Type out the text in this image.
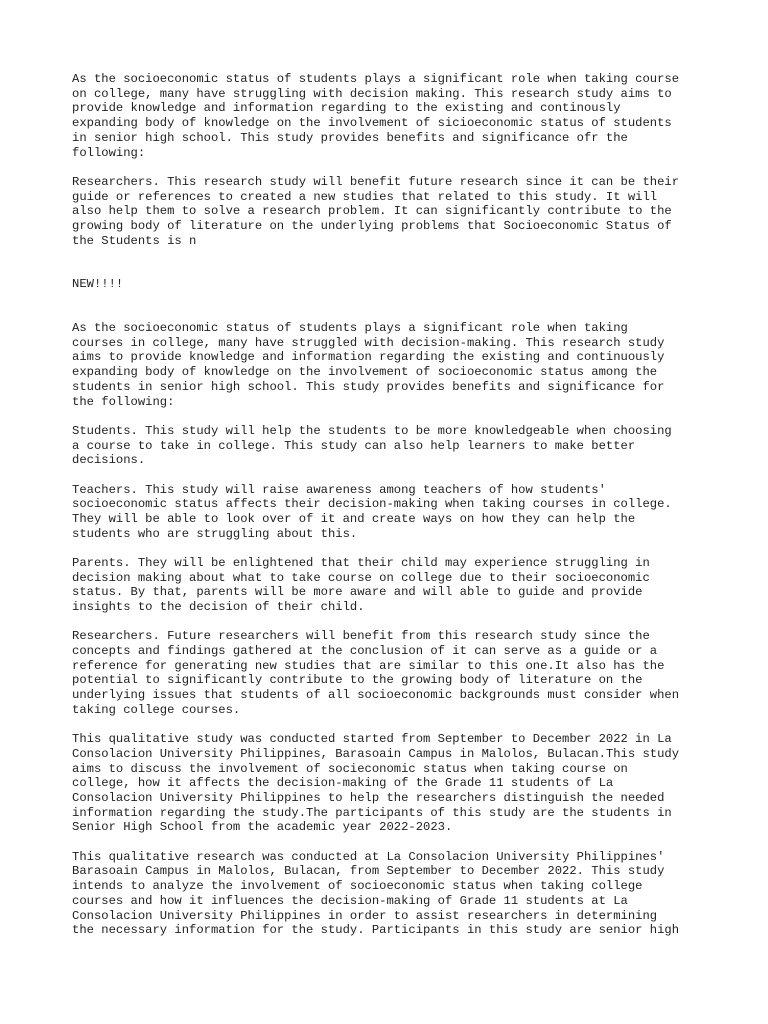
As the socioeconomic status of students plays a significant role when taking course
on college, many have struggling with decision making. This research study aims to
provide knowledge and information regarding to the existing and continously
expanding body of knowledge on the involvement of sicioeconomic status of students
in senior high school. This study provides benefits and significance ofr the
following:

Researchers. This research study will benefit future research since it can be their
guide or references to created a new studies that related to this study. It will
also help them to solve a research problem. It can significantly contribute to the
growing body of literature on the underlying problems that Socioeconomic Status of
the Students is n

NEW!!!!

As the socioeconomic status of students plays a significant role when taking
courses in college, many have struggled with decision-making. This research study
aims to provide knowledge and information regarding the existing and continuously
expanding body of knowledge on the involvement of socioeconomic status among the
students in senior high school. This study provides benefits and significance for
the following:

Students. This study will help the students to be more knowledgeable when choosing
a course to take in college. This study can also help learners to make better
decisions.

Teachers. This study will raise awareness among teachers of how students'
socioeconomic status affects their decision-making when taking courses in college.
They will be able to look over of it and create ways on how they can help the
students who are struggling about this.

Parents. They will be enlightened that their child may experience struggling in
decision making about what to take course on college due to their socioeconomic
status. By that, parents will be more aware and will able to guide and provide
insights to the decision of their child.

Researchers. Future researchers will benefit from this research study since the
concepts and findings gathered at the conclusion of it can serve as a guide or a
reference for generating new studies that are similar to this one.It also has the
potential to significantly contribute to the growing body of literature on the
underlying issues that students of all socioeconomic backgrounds must consider when
taking college courses.

This qualitative study was conducted started from September to December 2022 in La
Consolacion University Philippines, Barasoain Campus in Malolos, Bulacan.This study
aims to discuss the involvement of socieconomic status when taking course on
college, how it affects the decision-making of the Grade 11 students of La
Consolacion University Philippines to help the researchers distinguish the needed
information regarding the study.The participants of this study are the students in
Senior High School from the academic year 2022-2023.

This qualitative research was conducted at La Consolacion University Philippines'
Barasoain Campus in Malolos, Bulacan, from September to December 2022. This study
intends to analyze the involvement of socioeconomic status when taking college
courses and how it influences the decision-making of Grade 11 students at La
Consolacion University Philippines in order to assist researchers in determining
the necessary information for the study. Participants in this study are senior high
